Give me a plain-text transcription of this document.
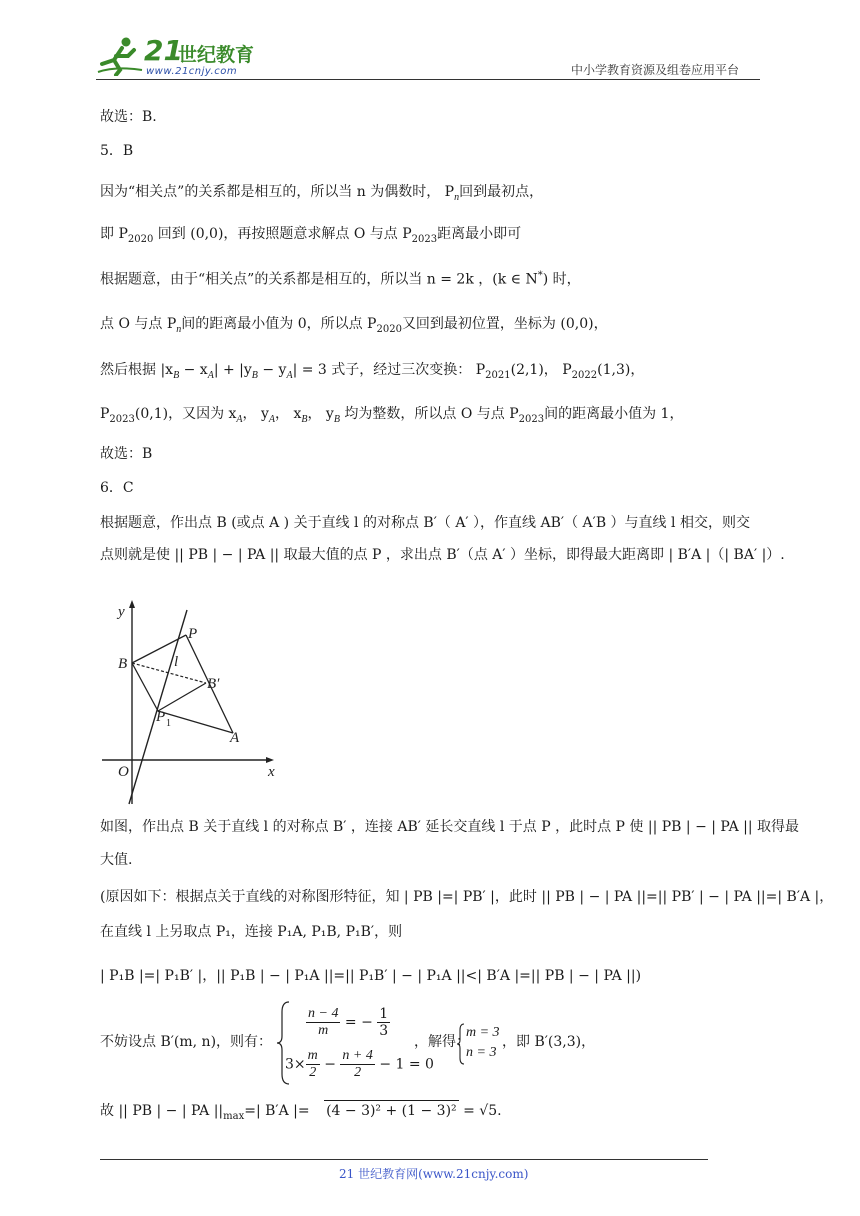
21
世纪教育
www.21cnjy.com	中小学教育资源及组卷应用平台
故选：B.
5．B
因为“相关点”的关系都是相互的，所以当 n 为偶数时， $P_n$回到最初点，
即 $P_{2020}$ 回到 (0,0)，再按照题意求解点 O 与点 $P_{2023}$距离最小即可
根据题意，由于“相关点”的关系都是相互的，所以当 n = 2k ，(k ∈ N*) 时，
点 O 与点 $P_n$间的距离最小值为 0，所以点 $P_{2020}$又回到最初位置，坐标为 (0,0)，
然后根据 $|x_B - x_A| + |y_B - y_A| = 3$ 式子，经过三次变换： $P_{2021}(2,1)$， $P_{2022}(1,3)$，
$P_{2023}(0,1)$，又因为 $x_A$， $y_A$， $x_B$， $y_B$ 均为整数，所以点 O 与点 $P_{2023}$间的距离最小值为 1，
故选：B
6．C
根据题意，作出点 B (或点 A ) 关于直线 l 的对称点 B′（ A′ ），作直线 AB′（ A′B ）与直线 l 相交，则交
点则就是使 || PB | − | PA || 取最大值的点 P ，求出点 B′（点 A′ ）坐标，即得最大距离即 | B′A |（| BA′ |）.
y
x
O
P
B	l
B′
P 1
A
如图，作出点 B 关于直线 l 的对称点 B′ ，连接 AB′ 延长交直线 l 于点 P ，此时点 P 使 || PB | − | PA || 取得最
大值.
(原因如下：根据点关于直线的对称图形特征，知 | PB |=| PB′ |，此时 || PB | − | PA ||=|| PB′ | − | PA ||=| B′A |，
在直线 l 上另取点 P₁，连接 P₁A, P₁B, P₁B′，则
| P₁B |=| P₁B′ |，|| P₁B | − | P₁A ||=|| P₁B′ | − | P₁A ||<| B′A |=|| PB | − | PA ||)
不妨设点 B′(m, n)，则有：
$\frac{n - 4}{m}$ = − $\frac{1}{3}$
$3\times \frac{m}{2} - \frac{n + 4}{2} - 1 = 0$
，解得：
m = 3
n = 3
，即 B′(3,3)，
故 || PB | − | PA $||_{max}=|$ B′A |= (4 − 3)² + (1 − 3)² = √5.
21 世纪教育网(www.21cnjy.com)
